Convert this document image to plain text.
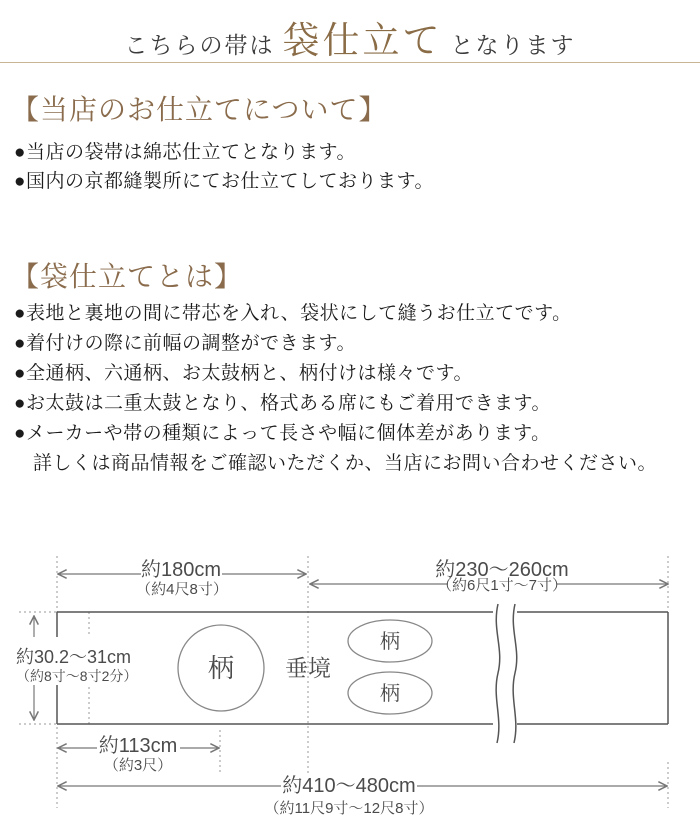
こちらの帯は 袋仕立て となります
【当店のお仕立てについて】
●当店の袋帯は綿芯仕立てとなります。
●国内の京都縫製所にてお仕立てしております。
【袋仕立てとは】
●表地と裏地の間に帯芯を入れ、袋状にして縫うお仕立てです。
●着付けの際に前幅の調整ができます。
●全通柄、六通柄、お太鼓柄と、柄付けは様々です。
●お太鼓は二重太鼓となり、格式ある席にもご着用できます。
●メーカーや帯の種類によって長さや幅に個体差があります。
詳しくは商品情報をご確認いただくか、当店にお問い合わせください。
柄
柄
柄
垂境
約180cm
（約4尺8寸）
約230〜260cm
（約6尺1寸〜7寸）
約30.2〜31cm
（約8寸〜8寸2分）
約113cm
（約3尺）
約410〜480cm
（約11尺9寸〜12尺8寸）
